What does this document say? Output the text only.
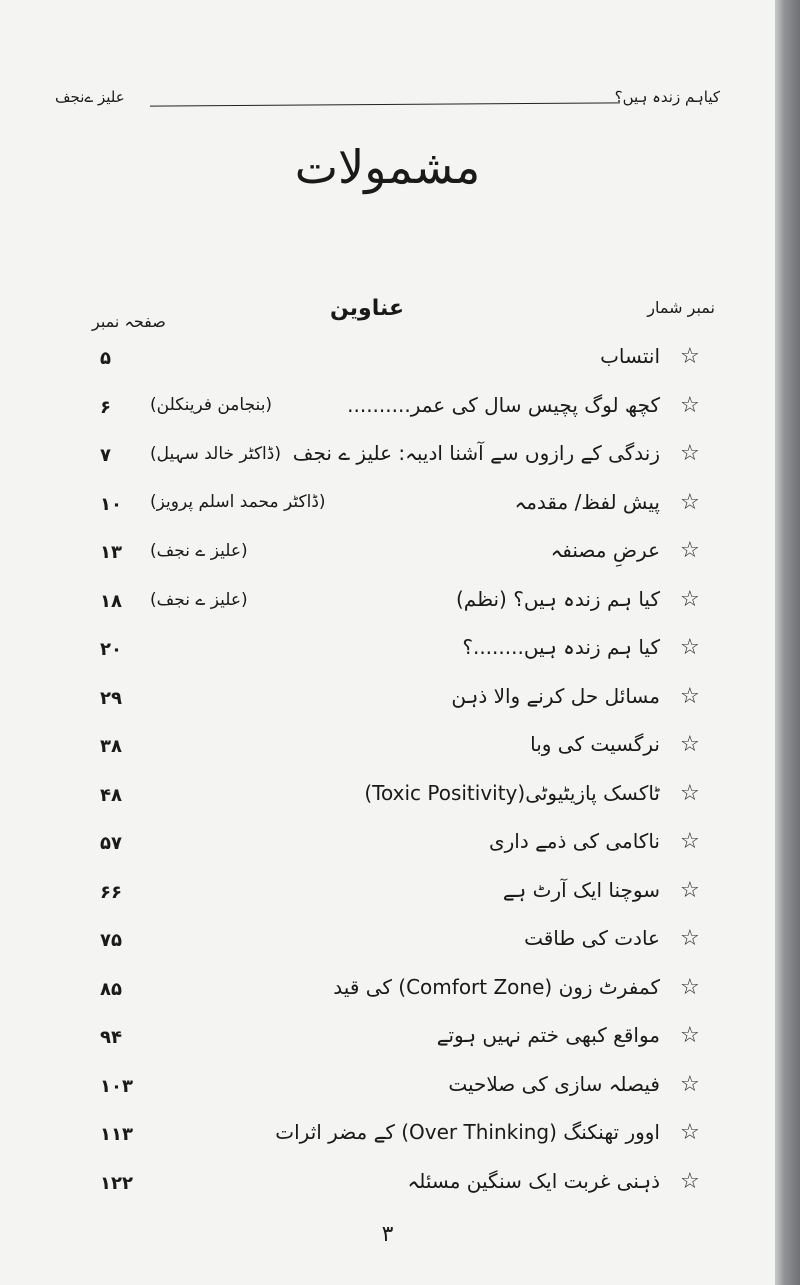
علیز ےنجف	کیاہم زندہ ہیں؟
مشمولات
نمبر شمار
عناوین
صفحہ نمبر
☆
انتساب
۵
☆
کچھ لوگ پچیس سال کی عمر..........
(بنجامن فرینکلن)
۶
☆
زندگی کے رازوں سے آشنا ادیبہ: علیز ے نجف
(ڈاکٹر خالد سہیل)
۷
☆
پیش لفظ/ مقدمہ
(ڈاکٹر محمد اسلم پرویز)
۱۰
☆
عرضِ مصنفہ
(علیز ے نجف)
۱۳
☆
کیا ہم زندہ ہیں؟ (نظم)
(علیز ے نجف)
۱۸
☆
کیا ہم زندہ ہیں........؟
۲۰
☆
مسائل حل کرنے والا ذہن
۲۹
☆
نرگسیت کی وبا
۳۸
☆
ٹاکسک پازیٹیوٹی(Toxic Positivity)
۴۸
☆
ناکامی کی ذمے داری
۵۷
☆
سوچنا ایک آرٹ ہے
۶۶
☆
عادت کی طاقت
۷۵
☆
کمفرٹ زون (Comfort Zone) کی قید
۸۵
☆
مواقع کبھی ختم نہیں ہوتے
۹۴
☆
فیصلہ سازی کی صلاحیت
۱۰۳
☆
اوور تھنکنگ (Over Thinking) کے مضر اثرات
۱۱۳
☆
ذہنی غربت ایک سنگین مسئلہ
۱۲۲
۳
